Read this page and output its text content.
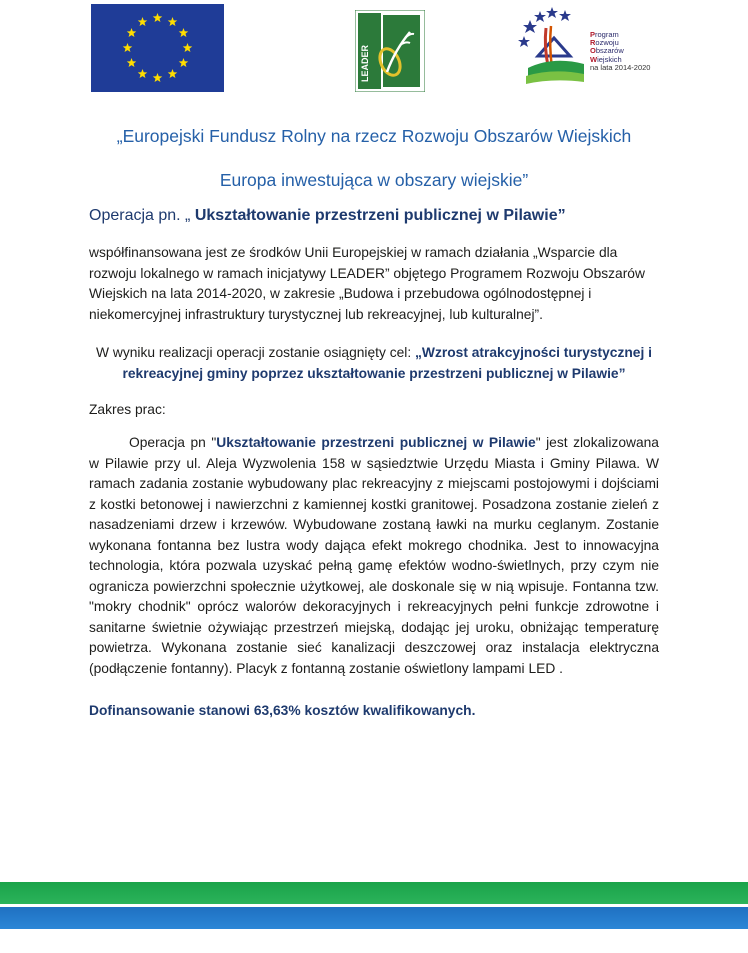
LEADER
Program
Rozwoju
Obszarów
Wiejskich
na lata 2014-2020
„Europejski Fundusz Rolny na rzecz Rozwoju Obszarów Wiejskich
Europa inwestująca w obszary wiejskie”
Operacja pn. „ Ukształtowanie przestrzeni publicznej w Pilawie”
współfinansowana jest ze środków Unii Europejskiej w ramach działania „Wsparcie dla rozwoju lokalnego w ramach inicjatywy LEADER” objętego Programem Rozwoju Obszarów Wiejskich na lata 2014-2020, w zakresie „Budowa i przebudowa ogólnodostępnej i niekomercyjnej infrastruktury turystycznej lub rekreacyjnej, lub kulturalnej”.
W wyniku realizacji operacji zostanie osiągnięty cel: „Wzrost atrakcyjności turystycznej i rekreacyjnej gminy poprzez ukształtowanie przestrzeni publicznej w Pilawie”
Zakres prac:
Operacja pn "Ukształtowanie przestrzeni publicznej w Pilawie" jest zlokalizowana w Pilawie przy ul. Aleja Wyzwolenia 158 w sąsiedztwie Urzędu Miasta i Gminy Pilawa. W ramach zadania zostanie wybudowany plac rekreacyjny z miejscami postojowymi i dojściami z kostki betonowej i nawierzchni z kamiennej kostki granitowej. Posadzona zostanie zieleń z nasadzeniami drzew i krzewów. Wybudowane zostaną ławki na murku ceglanym. Zostanie wykonana fontanna bez lustra wody dająca efekt mokrego chodnika. Jest to innowacyjna technologia, która pozwala uzyskać pełną gamę efektów wodno-świetlnych, przy czym nie ogranicza powierzchni społecznie użytkowej, ale doskonale się w nią wpisuje. Fontanna tzw. "mokry chodnik" oprócz walorów dekoracyjnych i rekreacyjnych pełni funkcje zdrowotne i sanitarne świetnie ożywiając przestrzeń miejską, dodając jej uroku, obniżając temperaturę powietrza. Wykonana zostanie sieć kanalizacji deszczowej oraz instalacja elektryczna (podłączenie fontanny). Placyk z fontanną zostanie oświetlony lampami LED .
Dofinansowanie stanowi 63,63% kosztów kwalifikowanych.
